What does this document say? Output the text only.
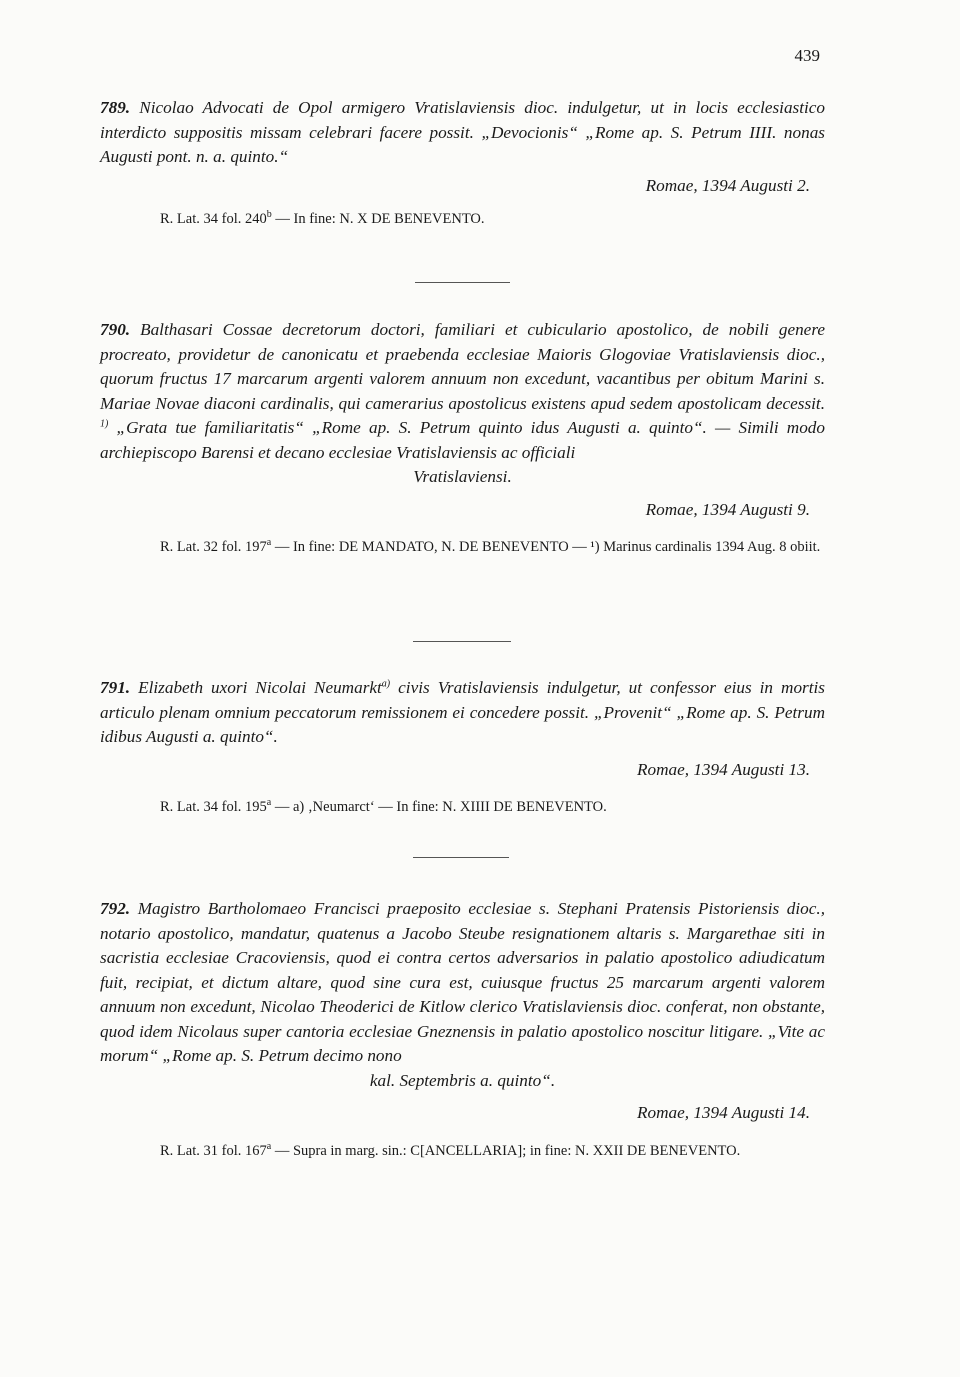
439

789. Nicolao Advocati de Opol armigero Vratislaviensis dioc. indulgetur, ut in locis ecclesiastico interdicto suppositis missam celebrari facere possit. „Devocionis“ „Rome ap. S. Petrum IIII. nonas Augusti pont. n. a. quinto.“

Romae, 1394 Augusti 2.

R. Lat. 34 fol. 240$^b$ — In fine: N. X DE BENEVENTO.

790. Balthasari Cossae decretorum doctori, familiari et cubiculario apostolico, de nobili genere procreato, providetur de canonicatu et praebenda ecclesiae Maioris Glogoviae Vratislaviensis dioc., quorum fructus 17 marcarum argenti valorem annuum non excedunt, vacantibus per obitum Marini s. Mariae Novae diaconi cardinalis, qui camerarius apostolicus existens apud sedem apostolicam decessit. $^{1)}$ „Grata tue familiaritatis“ „Rome ap. S. Petrum quinto idus Augusti a. quinto“. — Simili modo archiepiscopo Barensi et decano ecclesiae Vratislaviensis ac officiali
Vratislaviensi.

Romae, 1394 Augusti 9.

R. Lat. 32 fol. 197$^a$ — In fine: DE MANDATO, N. DE BENEVENTO — ¹) Marinus cardinalis 1394 Aug. 8 obiit.

791. Elizabeth uxori Nicolai Neumarkt$^{a)}$ civis Vratislaviensis indulgetur, ut confessor eius in mortis articulo plenam omnium peccatorum remissionem ei concedere possit. „Provenit“ „Rome ap. S. Petrum idibus Augusti a. quinto“.

Romae, 1394 Augusti 13.

R. Lat. 34 fol. 195$^a$ — a) ‚Neumarct‘ — In fine: N. XIIII DE BENEVENTO.

792. Magistro Bartholomaeo Francisci praeposito ecclesiae s. Stephani Pratensis Pistoriensis dioc., notario apostolico, mandatur, quatenus a Jacobo Steube resignationem altaris s. Margarethae siti in sacristia ecclesiae Cracoviensis, quod ei contra certos adversarios in palatio apostolico adiudicatum fuit, recipiat, et dictum altare, quod sine cura est, cuiusque fructus 25 marcarum argenti valorem annuum non excedunt, Nicolao Theoderici de Kitlow clerico Vratislaviensis dioc. conferat, non obstante, quod idem Nicolaus super cantoria ecclesiae Gneznensis in palatio apostolico noscitur litigare. „Vite ac morum“ „Rome ap. S. Petrum decimo nono
kal. Septembris a. quinto“.

Romae, 1394 Augusti 14.

R. Lat. 31 fol. 167$^a$ — Supra in marg. sin.: C[ANCELLARIA]; in fine: N. XXII DE BENEVENTO.
